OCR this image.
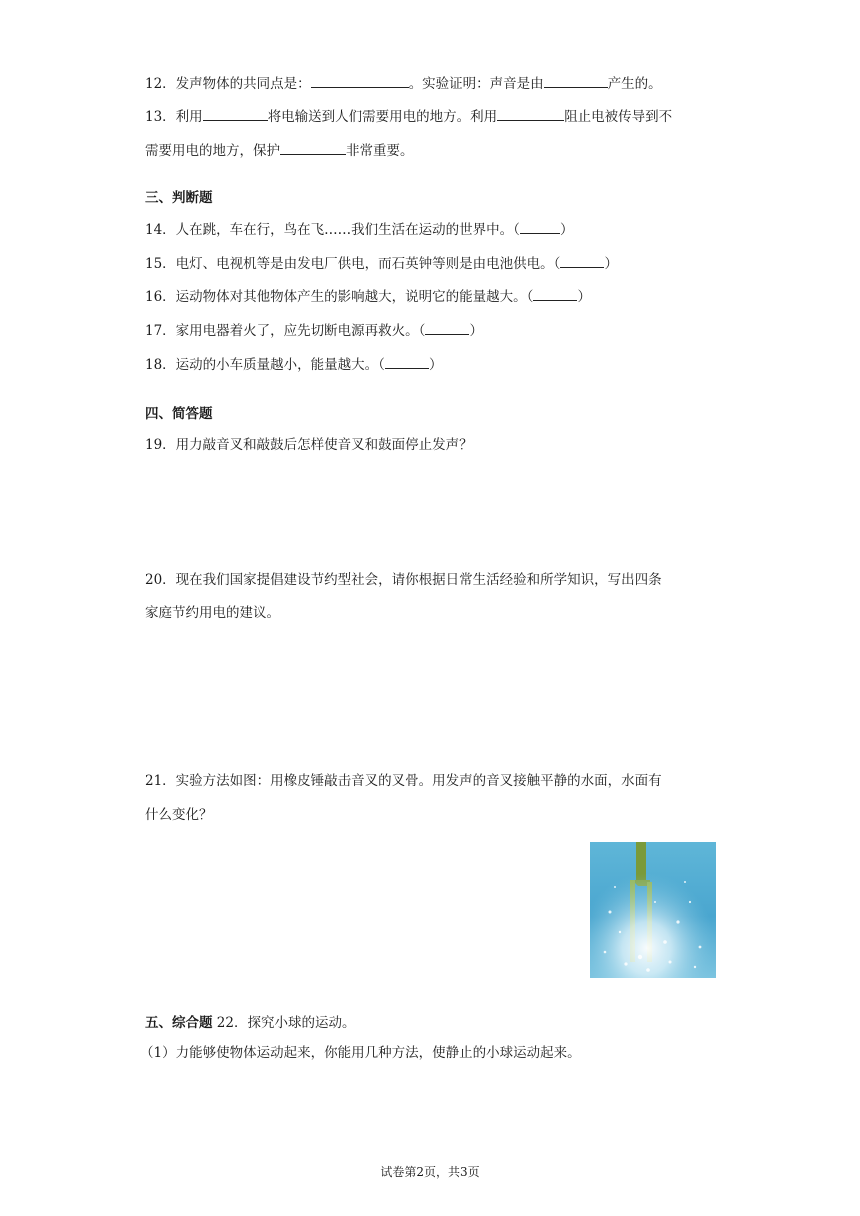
12．发声物体的共同点是：	。实验证明：声音是由	产生的。
13．利用	将电输送到人们需要用电的地方。利用	阻止电被传导到不
需要用电的地方，保护	非常重要。
三、判断题
14．人在跳，车在行，鸟在飞……我们生活在运动的世界中。（	）
15．电灯、电视机等是由发电厂供电，而石英钟等则是由电池供电。（	）
16．运动物体对其他物体产生的影响越大，说明它的能量越大。（	）
17．家用电器着火了，应先切断电源再救火。（	）
18．运动的小车质量越小，能量越大。（	）
四、简答题
19．用力敲音叉和敲鼓后怎样使音叉和鼓面停止发声？
20．现在我们国家提倡建设节约型社会，请你根据日常生活经验和所学知识，写出四条
家庭节约用电的建议。
21．实验方法如图：用橡皮锤敲击音叉的叉骨。用发声的音叉接触平静的水面，水面有
什么变化？
五、综合题 22．探究小球的运动。
（1）力能够使物体运动起来，你能用几种方法，使静止的小球运动起来。
试卷第2页，共3页
